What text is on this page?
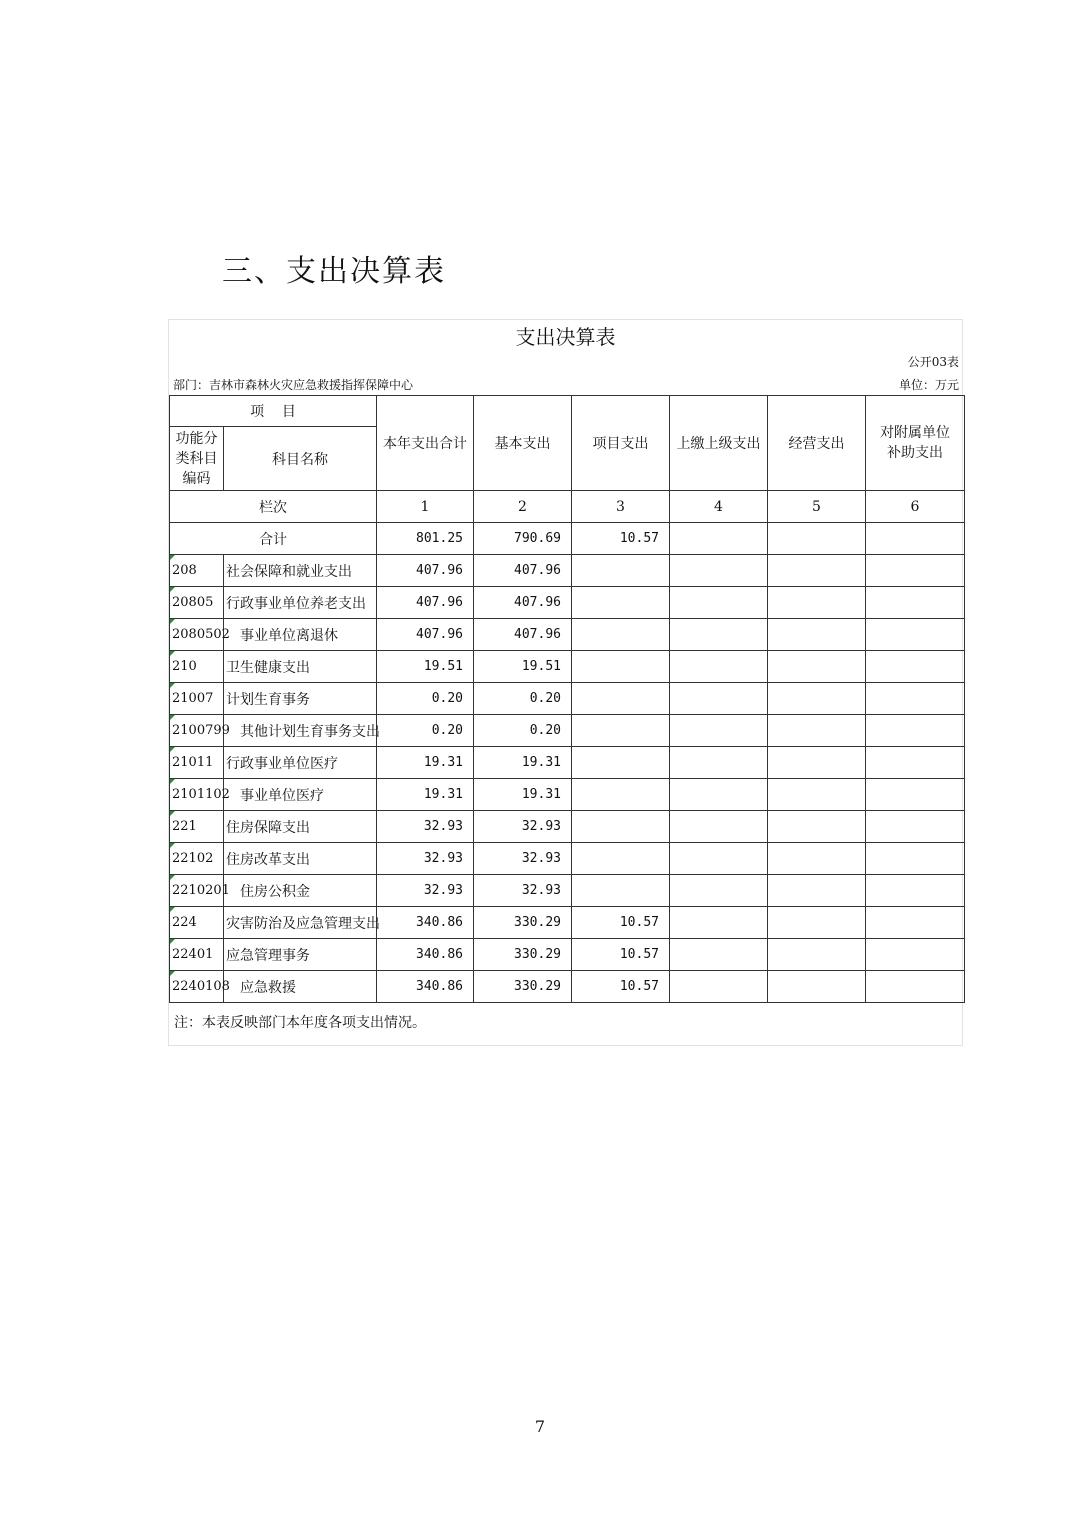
三、支出决算表
支出决算表
公开03表
部门：吉林市森林火灾应急救援指挥保障中心	单位：万元
项    目		本年支出合计	基本支出	项目支出	上缴上级支出	经营支出	对附属单位补助支出
功能分类科目编码	科目名称						
栏次		1	2	3	4	5	6
合计		801.25	790.69	10.57			
208	社会保障和就业支出	407.96	407.96				
20805	行政事业单位养老支出	407.96	407.96				
2080502	事业单位离退休	407.96	407.96				
210	卫生健康支出	19.51	19.51				
21007	计划生育事务	0.20	0.20				
2100799	其他计划生育事务支出	0.20	0.20				
21011	行政事业单位医疗	19.31	19.31				
2101102	事业单位医疗	19.31	19.31				
221	住房保障支出	32.93	32.93				
22102	住房改革支出	32.93	32.93				
2210201	住房公积金	32.93	32.93				
224	灾害防治及应急管理支出	340.86	330.29	10.57			
22401	应急管理事务	340.86	330.29	10.57			
2240108	应急救援	340.86	330.29	10.57			
注：本表反映部门本年度各项支出情况。
7
